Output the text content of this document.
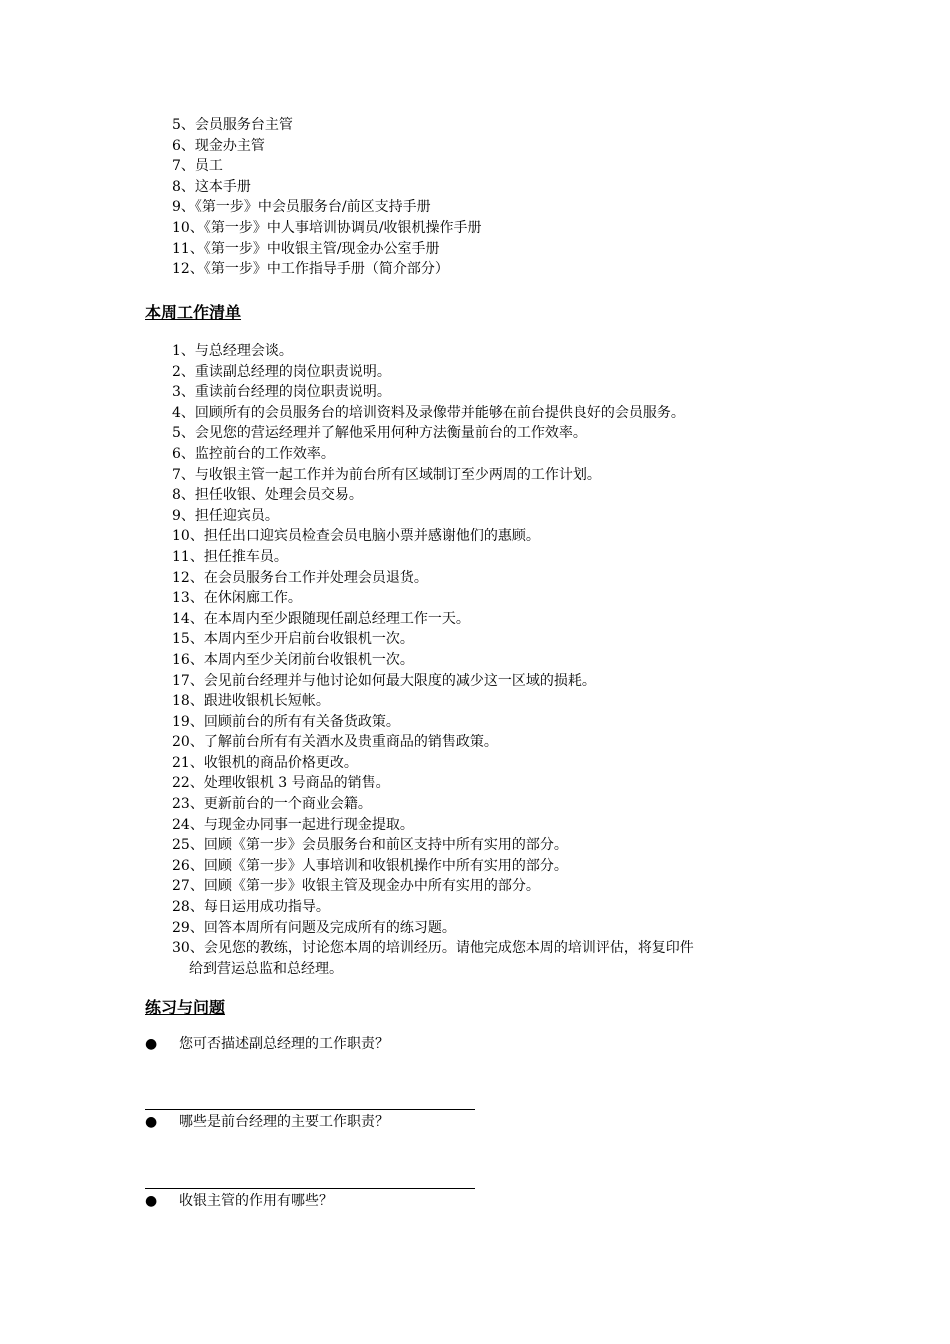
5、会员服务台主管
6、现金办主管
7、员工
8、这本手册
9、《第一步》中会员服务台/前区支持手册
10、《第一步》中人事培训协调员/收银机操作手册
11、《第一步》中收银主管/现金办公室手册
12、《第一步》中工作指导手册（简介部分）
本周工作清单
1、与总经理会谈。
2、重读副总经理的岗位职责说明。
3、重读前台经理的岗位职责说明。
4、回顾所有的会员服务台的培训资料及录像带并能够在前台提供良好的会员服务。
5、会见您的营运经理并了解他采用何种方法衡量前台的工作效率。
6、监控前台的工作效率。
7、与收银主管一起工作并为前台所有区域制订至少两周的工作计划。
8、担任收银、处理会员交易。
9、担任迎宾员。
10、担任出口迎宾员检查会员电脑小票并感谢他们的惠顾。
11、担任推车员。
12、在会员服务台工作并处理会员退货。
13、在休闲廊工作。
14、在本周内至少跟随现任副总经理工作一天。
15、本周内至少开启前台收银机一次。
16、本周内至少关闭前台收银机一次。
17、会见前台经理并与他讨论如何最大限度的减少这一区域的损耗。
18、跟进收银机长短帐。
19、回顾前台的所有有关备货政策。
20、了解前台所有有关酒水及贵重商品的销售政策。
21、收银机的商品价格更改。
22、处理收银机 3 号商品的销售。
23、更新前台的一个商业会籍。
24、与现金办同事一起进行现金提取。
25、回顾《第一步》会员服务台和前区支持中所有实用的部分。
26、回顾《第一步》人事培训和收银机操作中所有实用的部分。
27、回顾《第一步》收银主管及现金办中所有实用的部分。
28、每日运用成功指导。
29、回答本周所有问题及完成所有的练习题。
30、会见您的教练，讨论您本周的培训经历。请他完成您本周的培训评估，将复印件
给到营运总监和总经理。
练习与问题
● 您可否描述副总经理的工作职责？
● 哪些是前台经理的主要工作职责？
● 收银主管的作用有哪些？
